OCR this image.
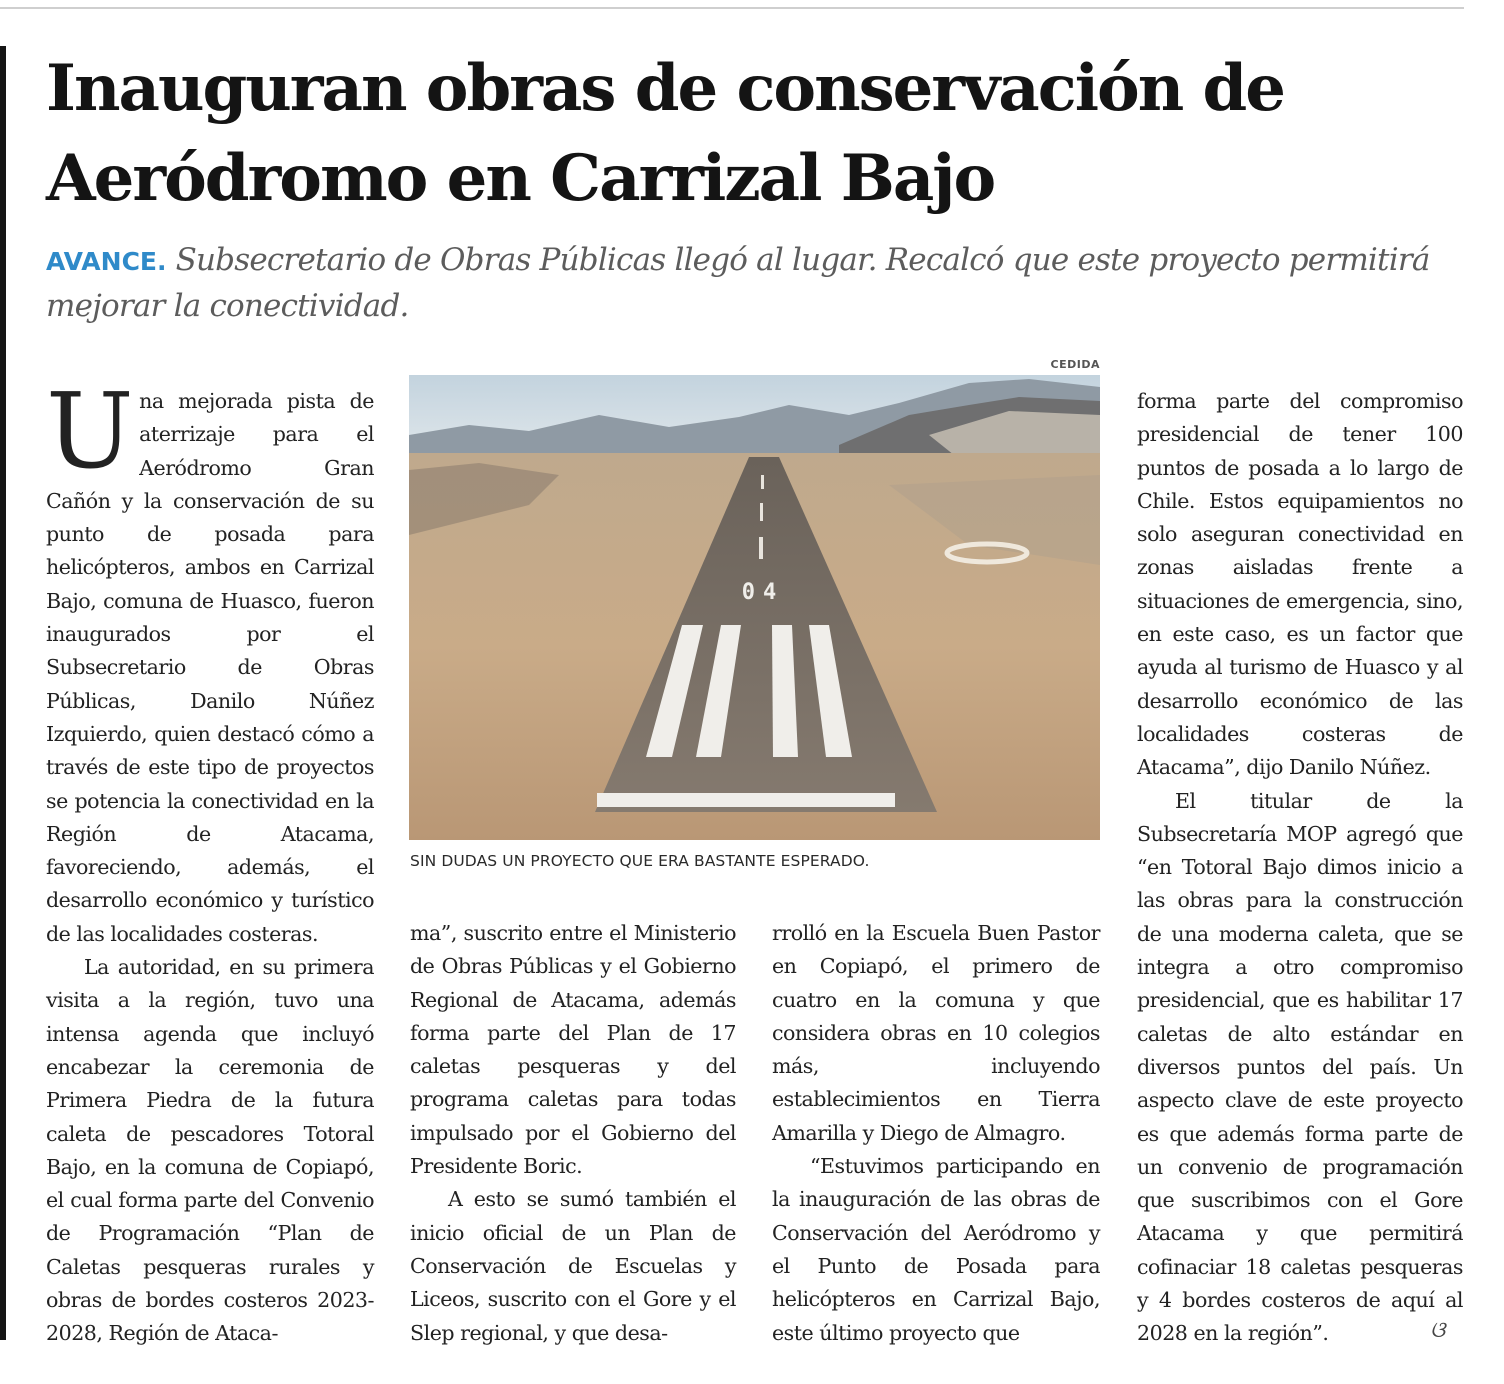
Inauguran obras de conservación de Aeródromo en Carrizal Bajo

AVANCE. Subsecretario de Obras Públicas llegó al lugar. Recalcó que este proyecto permitirá mejorar la conectividad.

Una mejorada pista de aterrizaje para el Aeródromo Gran Cañón y la conservación de su punto de posada para helicópteros, ambos en Carrizal Bajo, comuna de Huasco, fueron inaugurados por el Subsecretario de Obras Públicas, Danilo Núñez Izquierdo, quien destacó cómo a través de este tipo de proyectos se potencia la conectividad en la Región de Atacama, favoreciendo, además, el desarrollo económico y turístico de las localidades costeras.

La autoridad, en su primera visita a la región, tuvo una intensa agenda que incluyó encabezar la ceremonia de Primera Piedra de la futura caleta de pescadores Totoral Bajo, en la comuna de Copiapó, el cual forma parte del Convenio de Programación “Plan de Caletas pesqueras rurales y obras de bordes costeros 2023-2028, Región de Ataca-

CEDIDA
04
SIN DUDAS UN PROYECTO QUE ERA BASTANTE ESPERADO.

ma”, suscrito entre el Ministerio de Obras Públicas y el Gobierno Regional de Atacama, además forma parte del Plan de 17 caletas pesqueras y del programa caletas para todas impulsado por el Gobierno del Presidente Boric.

A esto se sumó también el inicio oficial de un Plan de Conservación de Escuelas y Liceos, suscrito con el Gore y el Slep regional, y que desa-

rrolló en la Escuela Buen Pastor en Copiapó, el primero de cuatro en la comuna y que considera obras en 10 colegios más, incluyendo establecimientos en Tierra Amarilla y Diego de Almagro.

“Estuvimos participando en la inauguración de las obras de Conservación del Aeródromo y el Punto de Posada para helicópteros en Carrizal Bajo, este último proyecto que

forma parte del compromiso presidencial de tener 100 puntos de posada a lo largo de Chile. Estos equipamientos no solo aseguran conectividad en zonas aisladas frente a situaciones de emergencia, sino, en este caso, es un factor que ayuda al turismo de Huasco y al desarrollo económico de las localidades costeras de Atacama”, dijo Danilo Núñez.

El titular de la Subsecretaría MOP agregó que “en Totoral Bajo dimos inicio a las obras para la construcción de una moderna caleta, que se integra a otro compromiso presidencial, que es habilitar 17 caletas de alto estándar en diversos puntos del país. Un aspecto clave de este proyecto es que además forma parte de un convenio de programación que suscribimos con el Gore Atacama y que permitirá cofinaciar 18 caletas pesqueras y 4 bordes costeros de aquí al 2028 en la región”.	ଓ
